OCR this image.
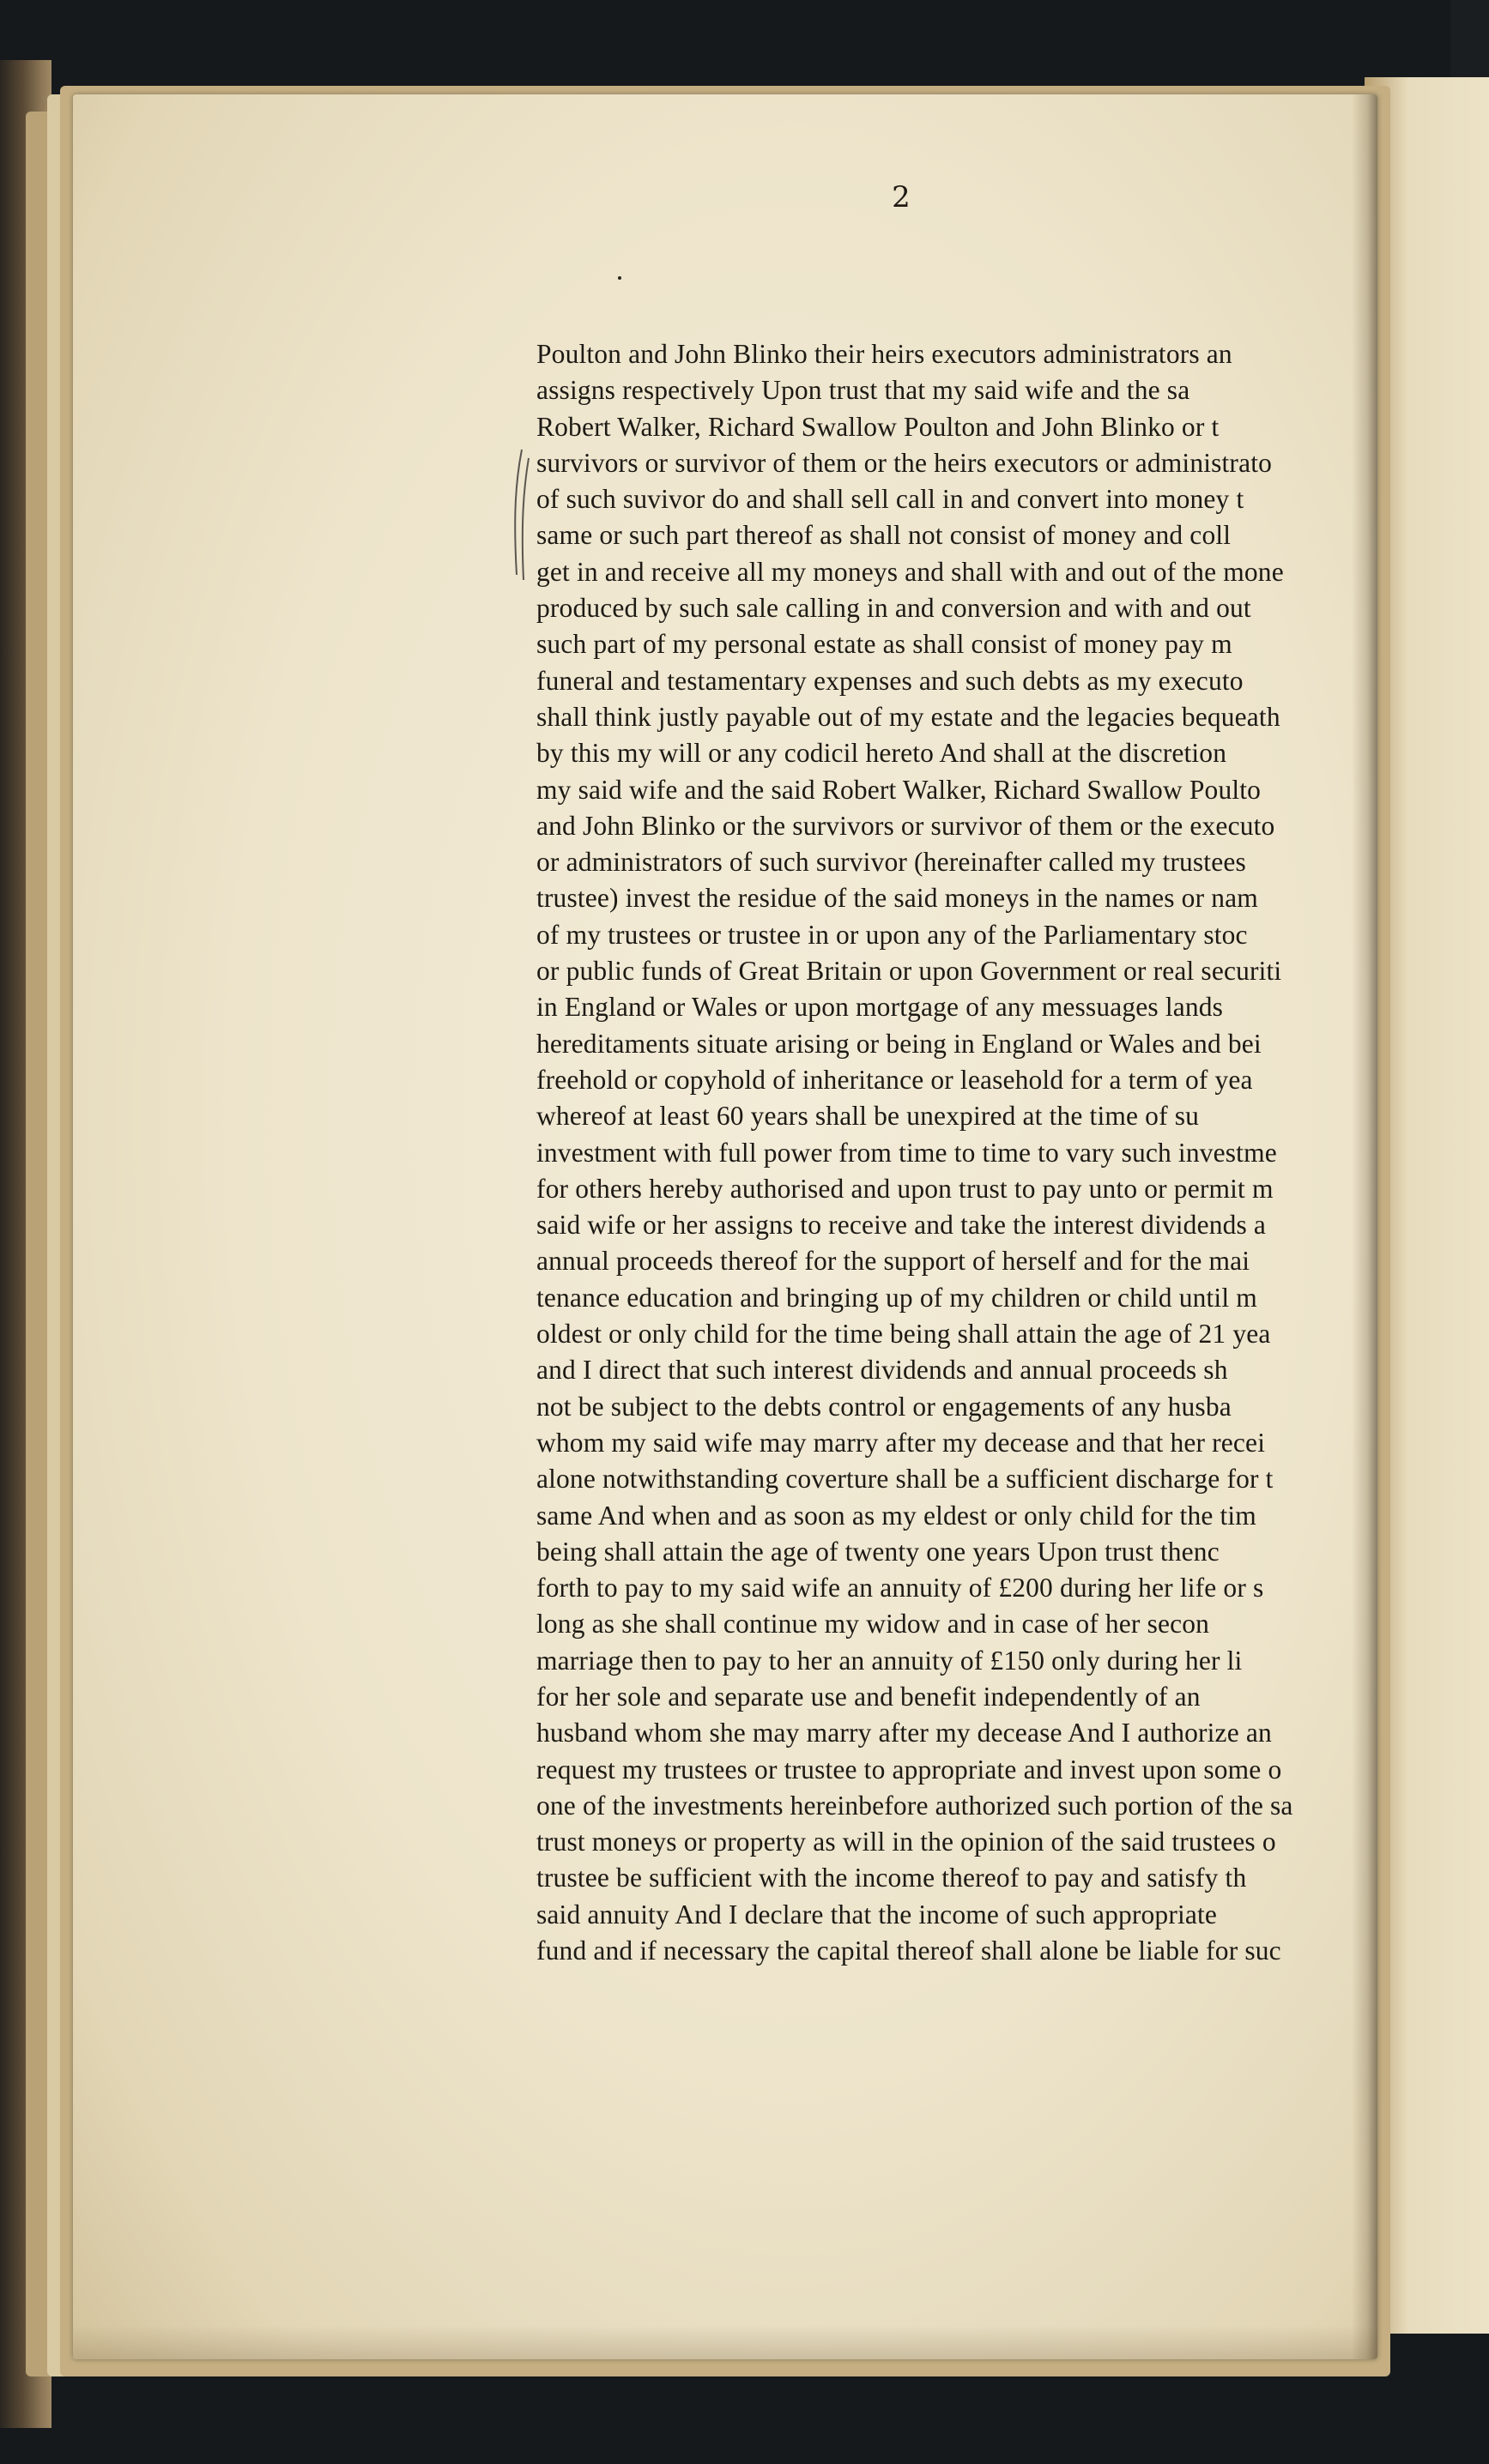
2
Poulton and John Blinko their heirs executors administrators an
assigns respectively Upon trust that my said wife and the sa
Robert Walker, Richard Swallow Poulton and John Blinko or t
survivors or survivor of them or the heirs executors or administrato
of such suvivor do and shall sell call in and convert into money t
same or such part thereof as shall not consist of money and coll
get in and receive all my moneys and shall with and out of the mone
produced by such sale calling in and conversion and with and out
such part of my personal estate as shall consist of money pay m
funeral and testamentary expenses and such debts as my executo
shall think justly payable out of my estate and the legacies bequeath
by this my will or any codicil hereto And shall at the discretion
my said wife and the said Robert Walker, Richard Swallow Poulto
and John Blinko or the survivors or survivor of them or the executo
or administrators of such survivor (hereinafter called my trustees
trustee) invest the residue of the said moneys in the names or nam
of my trustees or trustee in or upon any of the Parliamentary stoc
or public funds of Great Britain or upon Government or real securiti
in England or Wales or upon mortgage of any messuages lands
hereditaments situate arising or being in England or Wales and bei
freehold or copyhold of inheritance or leasehold for a term of yea
whereof at least 60 years shall be unexpired at the time of su
investment with full power from time to time to vary such investme
for others hereby authorised and upon trust to pay unto or permit m
said wife or her assigns to receive and take the interest dividends a
annual proceeds thereof for the support of herself and for the mai
tenance education and bringing up of my children or child until m
oldest or only child for the time being shall attain the age of 21 yea
and I direct that such interest dividends and annual proceeds sh
not be subject to the debts control or engagements of any husba
whom my said wife may marry after my decease and that her recei
alone notwithstanding coverture shall be a sufficient discharge for t
same And when and as soon as my eldest or only child for the tim
being shall attain the age of twenty one years Upon trust thenc
forth to pay to my said wife an annuity of £200 during her life or s
long as she shall continue my widow and in case of her secon
marriage then to pay to her an annuity of £150 only during her li
for her sole and separate use and benefit independently of an
husband whom she may marry after my decease And I authorize an
request my trustees or trustee to appropriate and invest upon some o
one of the investments hereinbefore authorized such portion of the sa
trust moneys or property as will in the opinion of the said trustees o
trustee be sufficient with the income thereof to pay and satisfy th
said annuity And I declare that the income of such appropriate
fund and if necessary the capital thereof shall alone be liable for suc
